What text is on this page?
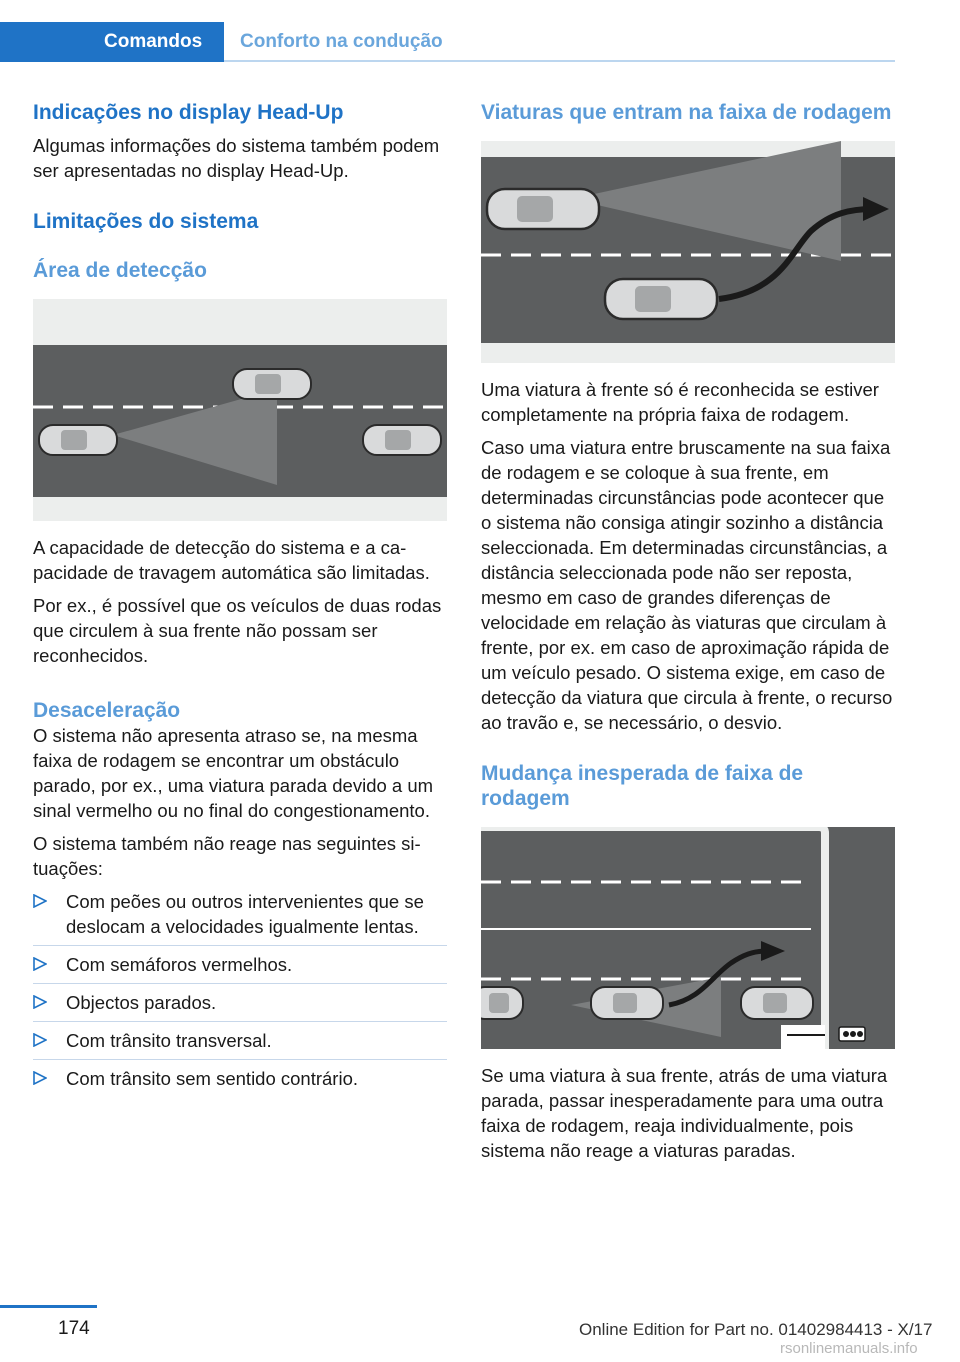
Comandos	Conforto na condução
Indicações no display Head-Up
Algumas informações do sistema também podem ser apresentadas no display Head-Up.
Limitações do sistema
Área de detecção
A capacidade de detecção do sistema e a capacidade de travagem automática são limitadas.
Por ex., é possível que os veículos de duas rodas que circulem à sua frente não possam ser reconhecidos.
Desaceleração
O sistema não apresenta atraso se, na mesma faixa de rodagem se encontrar um obstáculo parado, por ex., uma viatura parada devido a um sinal vermelho ou no final do congestionamento.
O sistema também não reage nas seguintes situações:
Com peões ou outros intervenientes que se deslocam a velocidades igualmente lentas.
Com semáforos vermelhos.
Objectos parados.
Com trânsito transversal.
Com trânsito sem sentido contrário.
Viaturas que entram na faixa de rodagem
Uma viatura à frente só é reconhecida se estiver completamente na própria faixa de rodagem.
Caso uma viatura entre bruscamente na sua faixa de rodagem e se coloque à sua frente, em determinadas circunstâncias pode acontecer que o sistema não consiga atingir sozinho a distância seleccionada. Em determinadas circunstâncias, a distância seleccionada pode não ser reposta, mesmo em caso de grandes diferenças de velocidade em relação às viaturas que circulam à frente, por ex. em caso de aproximação rápida de um veículo pesado. O sistema exige, em caso de detecção da viatura que circula à frente, o recurso ao travão e, se necessário, o desvio.
Mudança inesperada de faixa de rodagem
Se uma viatura à sua frente, atrás de uma viatura parada, passar inesperadamente para uma outra faixa de rodagem, reaja individualmente, pois sistema não reage a viaturas paradas.
174	Online Edition for Part no. 01402984413 - X/17
rsonlinemanuals.info
